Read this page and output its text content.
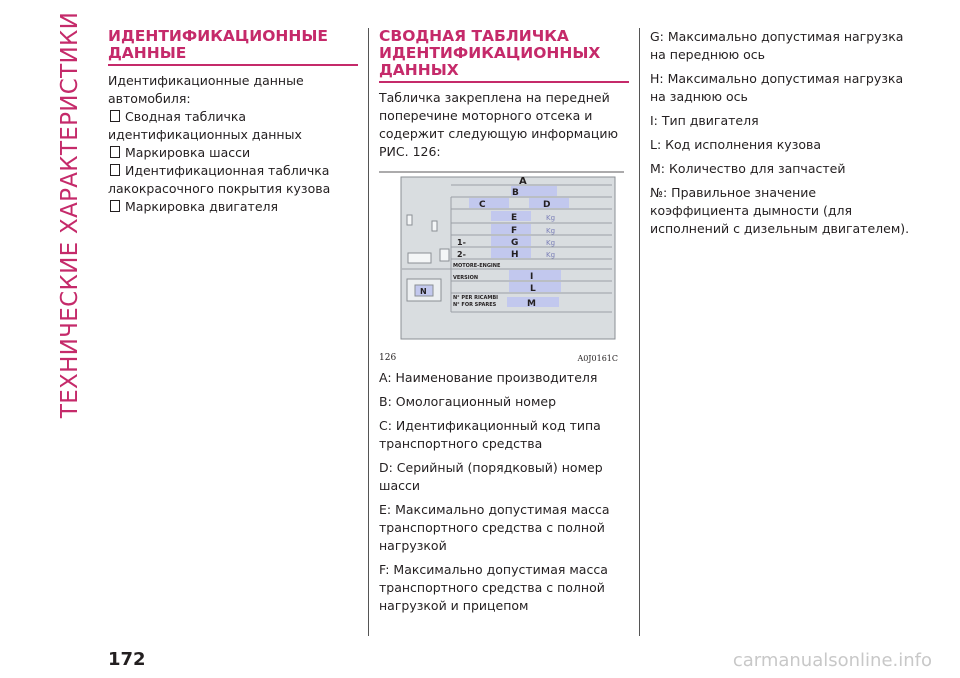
ТЕХНИЧЕСКИЕ ХАРАКТЕРИСТИКИ ИДЕНТИФИКАЦИОННЫЕ ДАННЫЕ

Идентификационные данные автомобиля:

Сводная табличка идентификационных данных

Маркировка шасси

Идентификационная табличка лакокрасочного покрытия кузова

Маркировка двигателя

СВОДНАЯ ТАБЛИЧКА ИДЕНТИФИКАЦИОННЫХ ДАННЫХ

Табличка закреплена на передней поперечине моторного отсека и содержит следующую информацию РИС. 126:

A
B
C	D
E
F
G
H
I
L
M
N
1-
2-
MOTORE-ENGINE
VERSION
N° PER RICAMBI
N° FOR SPARES
Kg
Kg
Kg
Kg
126	A0J0161C

A: Наименование производителя

B: Омологационный номер

C: Идентификационный код типа транспортного средства

D: Серийный (порядковый) номер шасси

E: Максимально допустимая масса транспортного средства с полной нагрузкой

F: Максимально допустимая масса транспортного средства с полной нагрузкой и прицепом

G: Максимально допустимая нагрузка на переднюю ось

H: Максимально допустимая нагрузка на заднюю ось

I: Тип двигателя

L: Код исполнения кузова

M: Количество для запчастей

№: Правильное значение коэффициента дымности (для исполнений с дизельным двигателем).

172	carmanualsonline.info
